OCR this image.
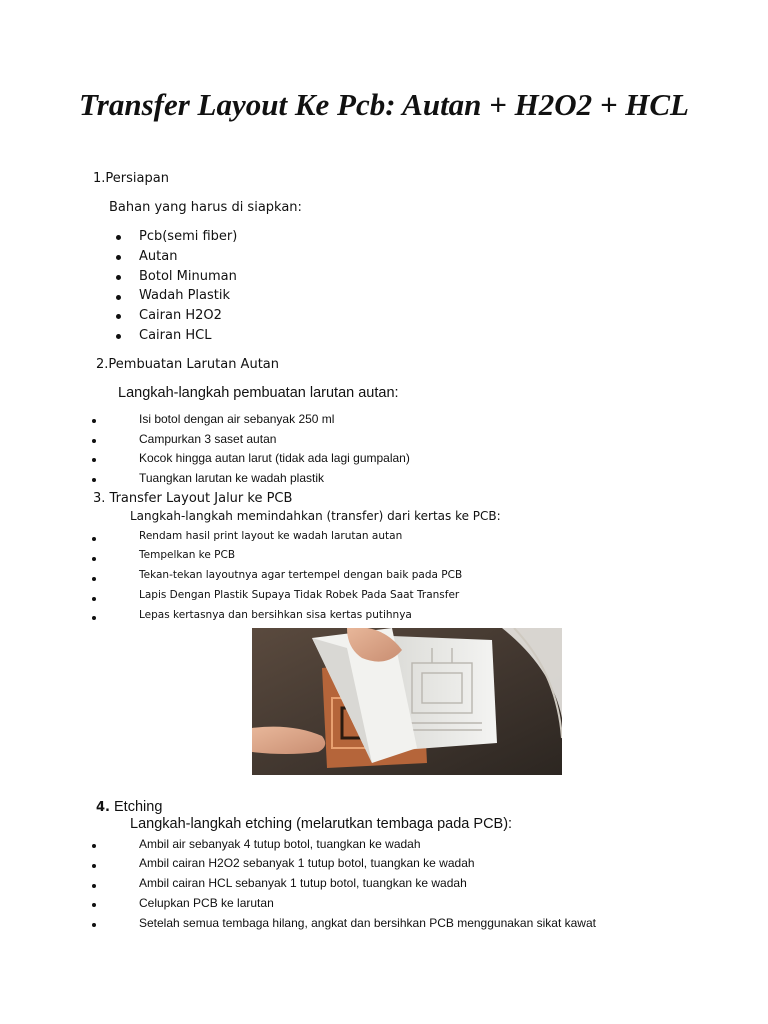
Transfer Layout Ke Pcb: Autan + H2O2 + HCL

1.Persiapan

Bahan yang harus di siapkan:

Pcb(semi fiber)

Autan

Botol Minuman

Wadah Plastik

Cairan H2O2

Cairan HCL

2.Pembuatan Larutan Autan

Langkah-langkah pembuatan larutan autan:

Isi botol dengan air sebanyak 250 ml

Campurkan 3 saset autan

Kocok hingga autan larut (tidak ada lagi gumpalan)

Tuangkan larutan ke wadah plastik

3. Transfer Layout Jalur ke PCB

Langkah-langkah memindahkan (transfer) dari kertas ke PCB:

Rendam hasil print layout ke wadah larutan autan

Tempelkan ke PCB

Tekan-tekan layoutnya agar tertempel dengan baik pada PCB

Lapis Dengan Plastik Supaya Tidak Robek Pada Saat Transfer

Lepas kertasnya dan bersihkan sisa kertas putihnya

4. Etching

Langkah-langkah etching (melarutkan tembaga pada PCB):

Ambil air sebanyak 4 tutup botol, tuangkan ke wadah

Ambil cairan H2O2 sebanyak 1 tutup botol, tuangkan ke wadah

Ambil cairan HCL sebanyak 1 tutup botol, tuangkan ke wadah

Celupkan PCB ke larutan

Setelah semua tembaga hilang, angkat dan bersihkan PCB menggunakan sikat kawat
